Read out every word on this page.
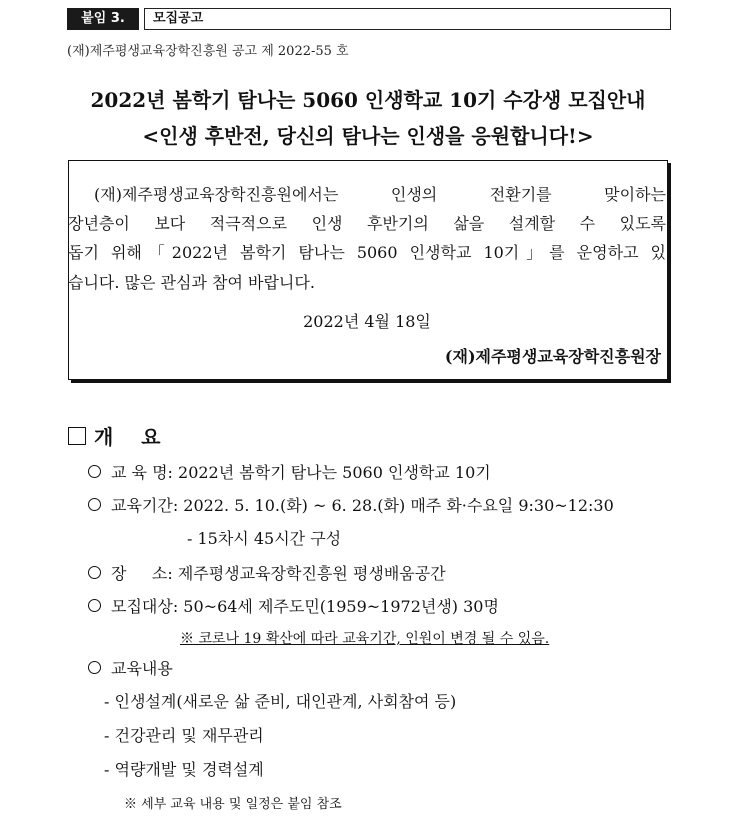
붙임 3.	모집공고
(재)제주평생교육장학진흥원 공고 제 2022-55 호
2022년 봄학기 탐나는 5060 인생학교 10기 수강생 모집안내
<인생 후반전, 당신의 탐나는 인생을 응원합니다!>
(재)제주평생교육장학진흥원에서는 인생의 전환기를 맞이하는
장년층이 보다 적극적으로 인생 후반기의 삶을 설계할 수 있도록
돕기 위해「2022년 봄학기 탐나는 5060 인생학교 10기」를 운영하고 있
습니다. 많은 관심과 참여 바랍니다.
2022년 4월 18일
(재)제주평생교육장학진흥원장
개    요
교 육 명: 2022년 봄학기 탐나는 5060 인생학교 10기
교육기간: 2022. 5. 10.(화) ~ 6. 28.(화) 매주 화·수요일 9:30~12:30
- 15차시 45시간 구성
장     소: 제주평생교육장학진흥원 평생배움공간
모집대상: 50~64세 제주도민(1959~1972년생) 30명
※ 코로나 19 확산에 따라 교육기간, 인원이 변경 될 수 있음.
교육내용
- 인생설계(새로운 삶 준비, 대인관계, 사회참여 등)
- 건강관리 및 재무관리
- 역량개발 및 경력설계
※ 세부 교육 내용 및 일정은 붙임 참조
